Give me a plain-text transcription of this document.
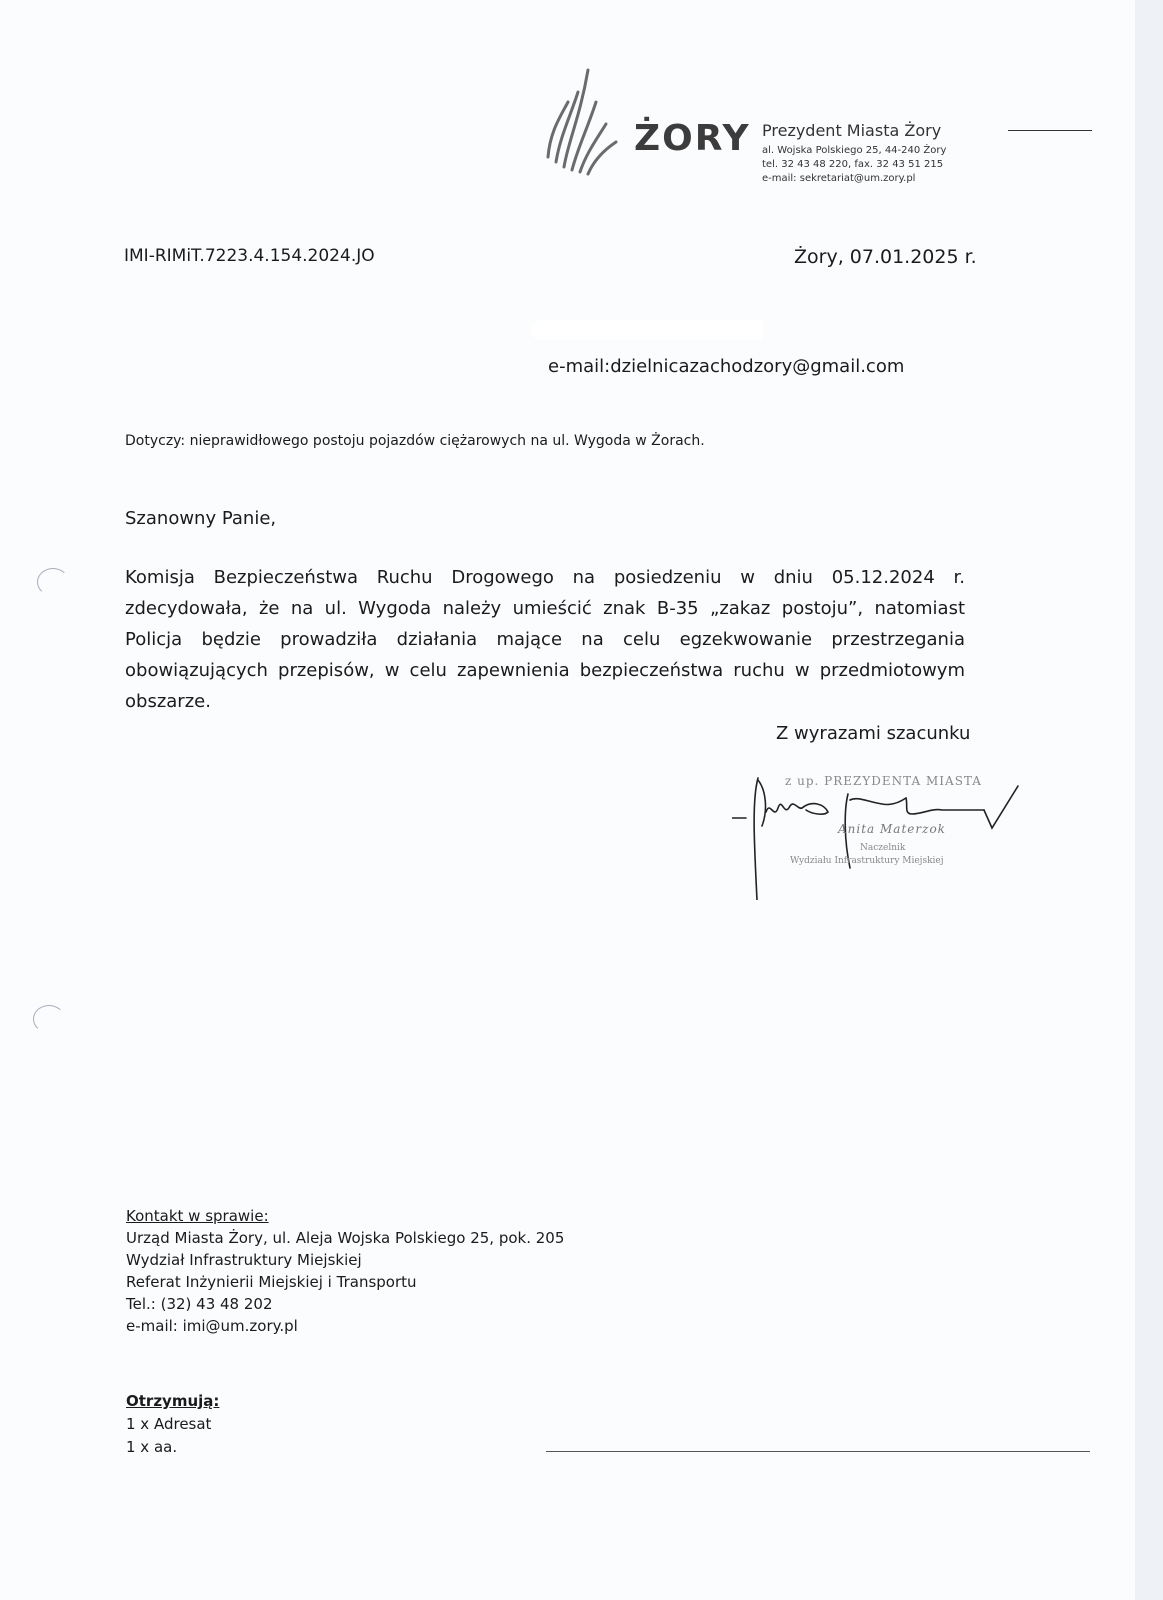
ŻORY Prezydent Miasta Żory
al. Wojska Polskiego 25, 44-240 Żory
tel. 32 43 48 220, fax. 32 43 51 215
e-mail: sekretariat@um.zory.pl
IMI-RIMiT.7223.4.154.2024.JO	Żory, 07.01.2025 r.
e-mail:dzielnicazachodzory@gmail.com
Dotyczy: nieprawidłowego postoju pojazdów ciężarowych na ul. Wygoda w Żorach.
Szanowny Panie,
Komisja Bezpieczeństwa Ruchu Drogowego na posiedzeniu w dniu 05.12.2024 r. zdecydowała, że na ul. Wygoda należy umieścić znak B-35 „zakaz postoju”, natomiast Policja będzie prowadziła działania mające na celu egzekwowanie przestrzegania obowiązujących przepisów, w celu zapewnienia bezpieczeństwa ruchu w przedmiotowym obszarze.
Z wyrazami szacunku
z up. PREZYDENTA MIASTA
Anita Materzok
Naczelnik
Wydziału Infrastruktury Miejskiej
Kontakt w sprawie:
Urząd Miasta Żory, ul. Aleja Wojska Polskiego 25, pok. 205
Wydział Infrastruktury Miejskiej
Referat Inżynierii Miejskiej i Transportu
Tel.: (32) 43 48 202
e-mail: imi@um.zory.pl
Otrzymują:
1 x Adresat
1 x aa.
